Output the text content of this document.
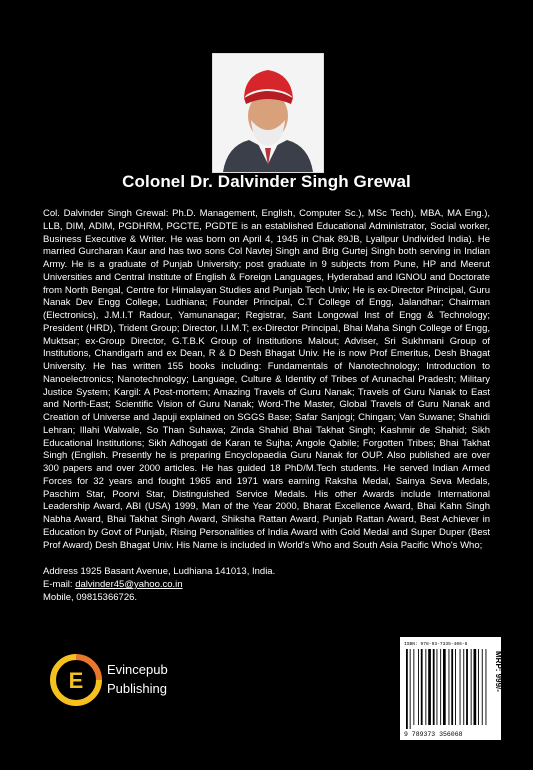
Colonel Dr. Dalvinder Singh Grewal
Col. Dalvinder Singh Grewal: Ph.D. Management, English, Computer Sc.), MSc Tech), MBA, MA Eng.), LLB, DIM, ADIM, PGDHRM, PGCTE, PGDTE is an established Educational Administrator, Social worker, Business Executive & Writer. He was born on April 4, 1945 in Chak 89JB, Lyallpur Undivided India). He married Gurcharan Kaur and has two sons Col Navtej Singh and Brig Gurtej Singh both serving in Indian Army. He is a graduate of Punjab University; post graduate in 9 subjects from Pune, HP and Meerut Universities and Central Institute of English & Foreign Languages, Hyderabad and IGNOU and Doctorate from North Bengal, Centre for Himalayan Studies and Punjab Tech Univ; He is ex-Director Principal, Guru Nanak Dev Engg College, Ludhiana; Founder Principal, C.T College of Engg, Jalandhar; Chairman (Electronics), J.M.I.T Radour, Yamunanagar; Registrar, Sant Longowal Inst of Engg & Technology; President (HRD), Trident Group; Director, I.I.M.T; ex-Director Principal, Bhai Maha Singh College of Engg, Muktsar; ex-Group Director, G.T.B.K Group of Institutions Malout; Adviser, Sri Sukhmani Group of Institutions, Chandigarh and ex Dean, R & D Desh Bhagat Univ. He is now Prof Emeritus, Desh Bhagat University. He has written 155 books including: Fundamentals of Nanotechnology; Introduction to Nanoelectronics; Nanotechnology; Language, Culture & Identity of Tribes of Arunachal Pradesh; Military Justice System; Kargil: A Post-mortem; Amazing Travels of Guru Nanak; Travels of Guru Nanak to East and North-East; Scientific Vision of Guru Nanak; Word-The Master, Global Travels of Guru Nanak and Creation of Universe and Japuji explained on SGGS Base; Safar Sanjogi; Chingan; Van Suwane; Shahidi Lehran; Illahi Walwale, So Than Suhawa; Zinda Shahid Bhai Takhat Singh; Kashmir de Shahid; Sikh Educational Institutions; Sikh Adhogati de Karan te Sujha; Angole Qabile; Forgotten Tribes; Bhai Takhat Singh (English. Presently he is preparing Encyclopaedia Guru Nanak for OUP. Also published are over 300 papers and over 2000 articles. He has guided 18 PhD/M.Tech students. He served Indian Armed Forces for 32 years and fought 1965 and 1971 wars earning Raksha Medal, Sainya Seva Medals, Paschim Star, Poorvi Star, Distinguished Service Medals. His other Awards include International Leadership Award, ABI (USA) 1999, Man of the Year 2000, Bharat Excellence Award, Bhai Kahn Singh Nabha Award, Bhai Takhat Singh Award, Shiksha Rattan Award, Punjab Rattan Award, Best Achiever in Education by Govt of Punjab, Rising Personalities of India Award with Gold Medal and Super Duper (Best Prof Award) Desh Bhagat Univ. His Name is included in World's Who and South Asia Pacific Who's Who;
Address 1925 Basant Avenue, Ludhiana 141013, India.
E-mail: dalvinder45@yahoo.co.in
Mobile, 09815366726.
E Evincepub
Publishing
ISBN: 978-93-7335-406-8
9 789373 356068
MRP: 999/-
